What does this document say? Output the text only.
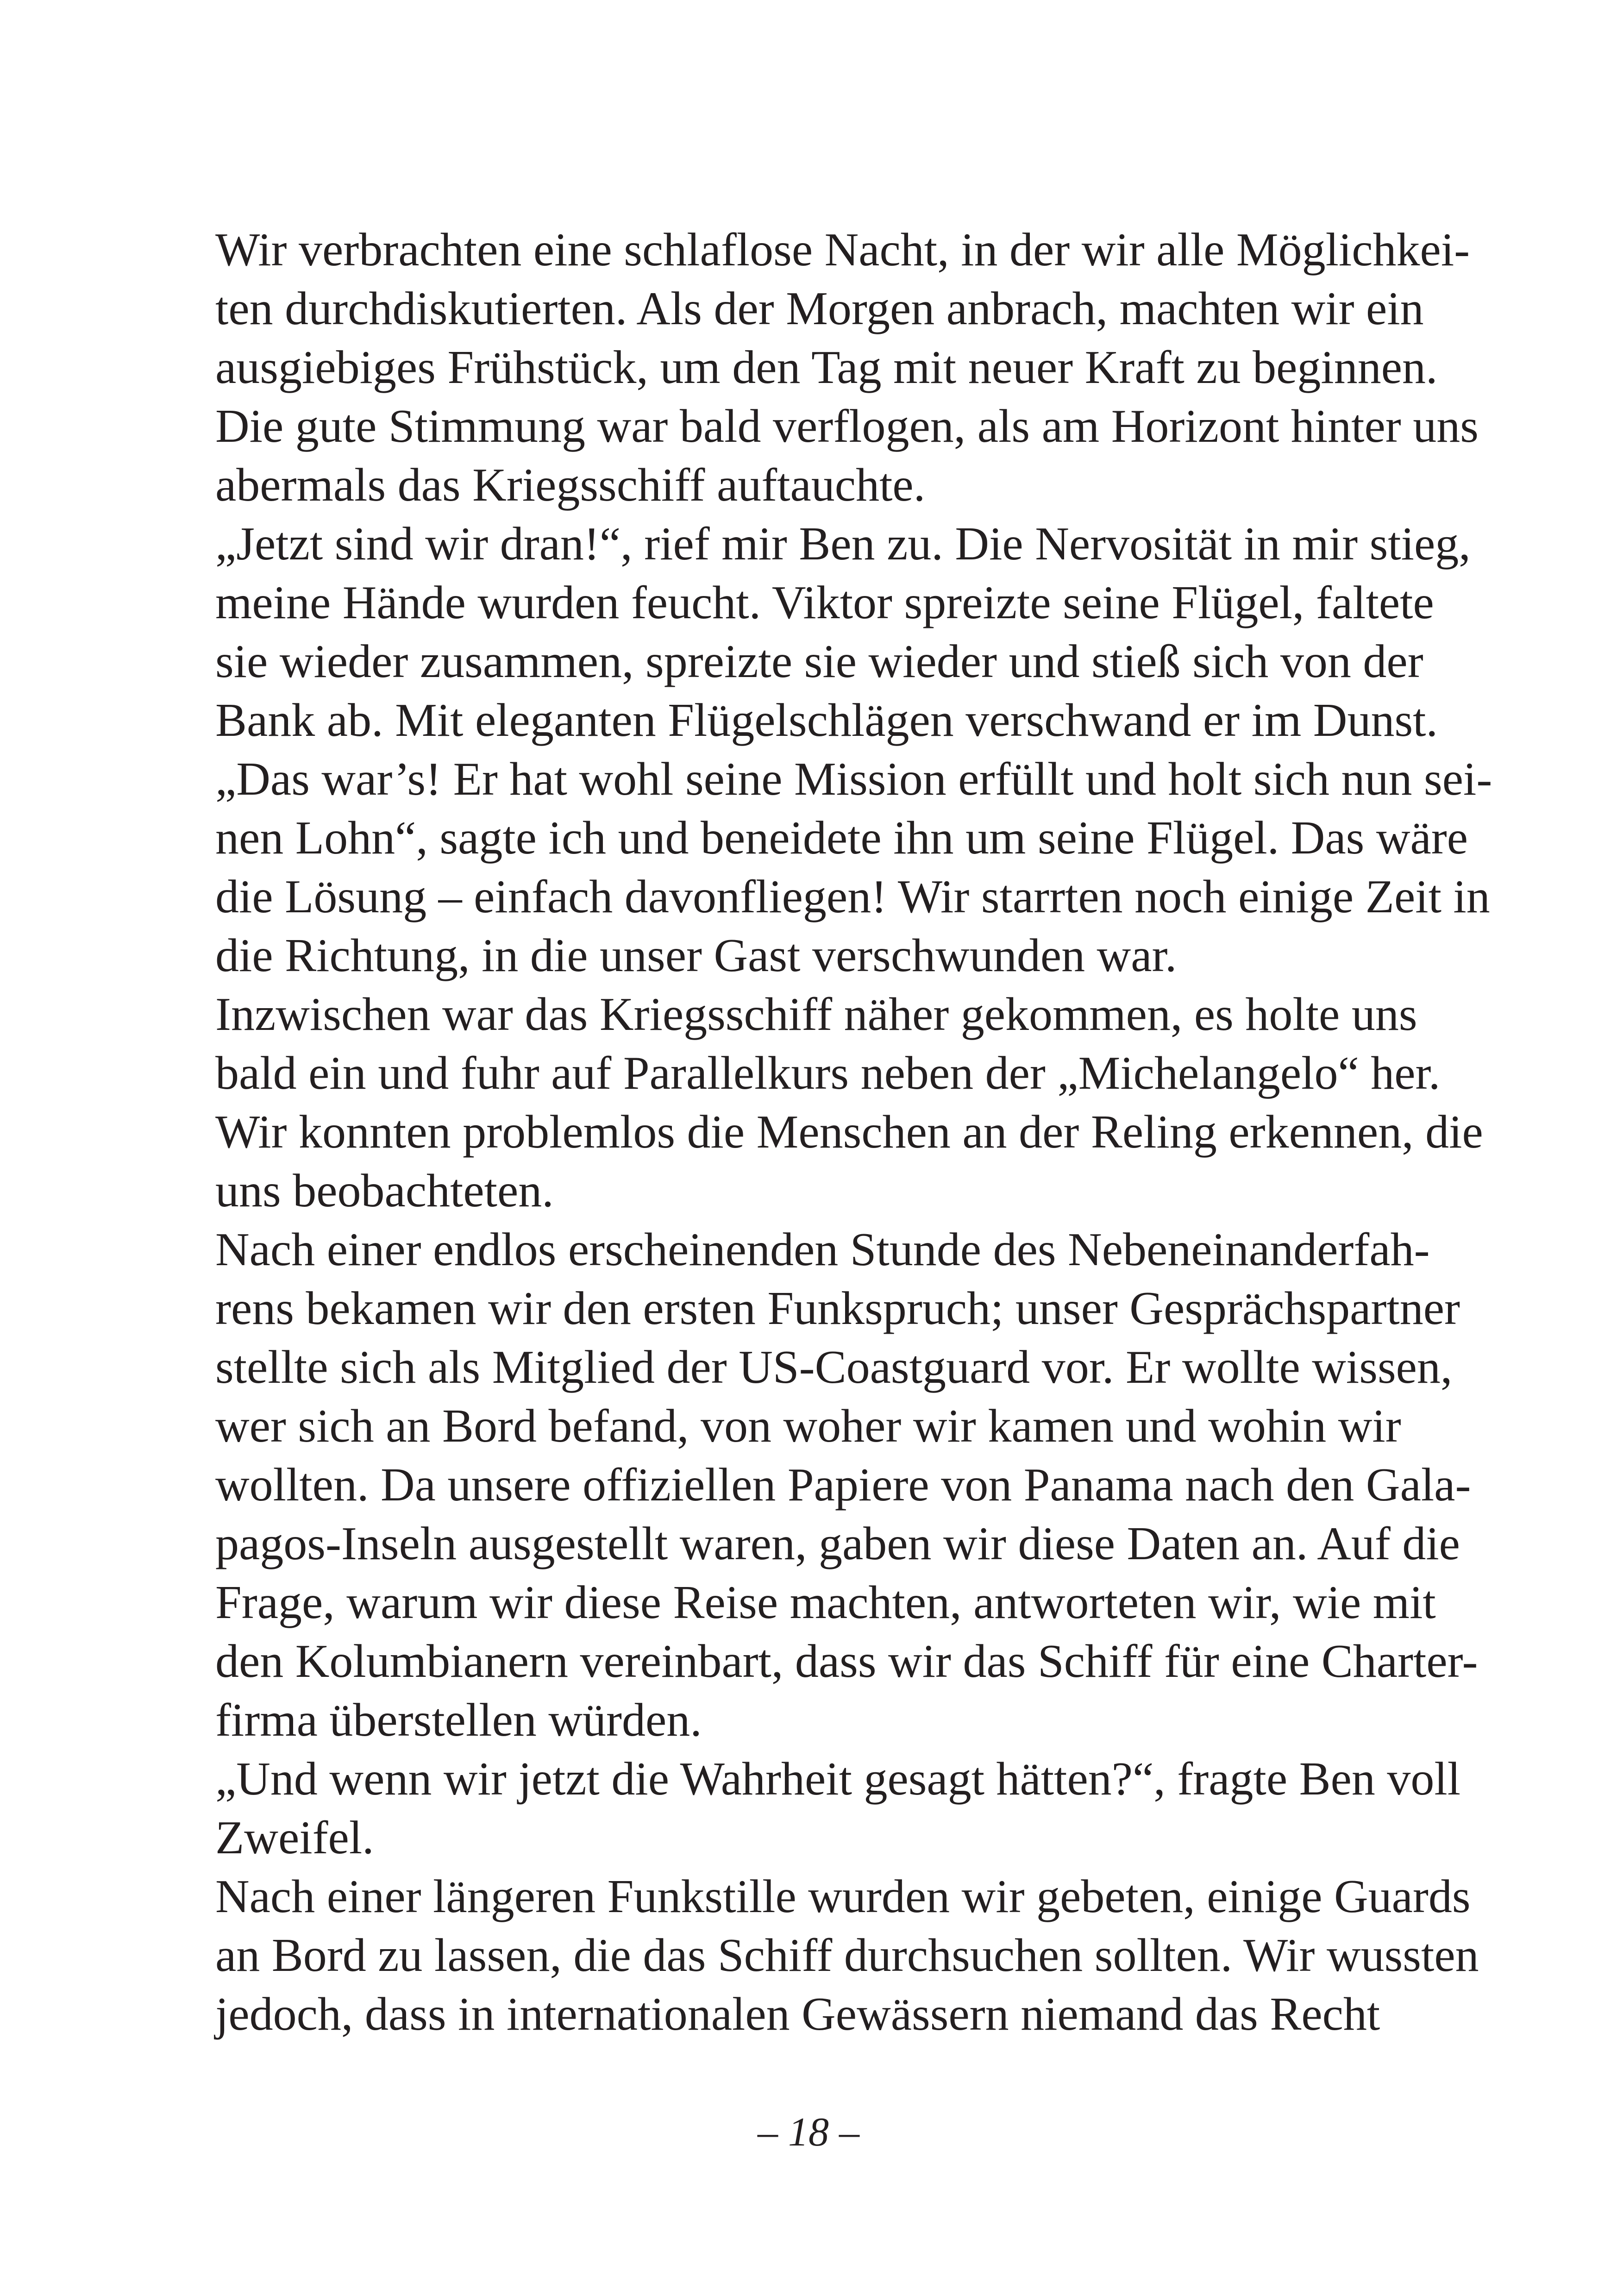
Wir verbrachten eine schlaflose Nacht, in der wir alle Möglichkei-
ten durchdiskutierten. Als der Morgen anbrach, machten wir ein
ausgiebiges Frühstück, um den Tag mit neuer Kraft zu beginnen.
Die gute Stimmung war bald verflogen, als am Horizont hinter uns
abermals das Kriegsschiff auftauchte.
„Jetzt sind wir dran!“, rief mir Ben zu. Die Nervosität in mir stieg,
meine Hände wurden feucht. Viktor spreizte seine Flügel, faltete
sie wieder zusammen, spreizte sie wieder und stieß sich von der
Bank ab. Mit eleganten Flügelschlägen verschwand er im Dunst.
„Das war’s! Er hat wohl seine Mission erfüllt und holt sich nun sei-
nen Lohn“, sagte ich und beneidete ihn um seine Flügel. Das wäre
die Lösung – einfach davonfliegen! Wir starrten noch einige Zeit in
die Richtung, in die unser Gast verschwunden war.
Inzwischen war das Kriegsschiff näher gekommen, es holte uns
bald ein und fuhr auf Parallelkurs neben der „Michelangelo“ her.
Wir konnten problemlos die Menschen an der Reling erkennen, die
uns beobachteten.
Nach einer endlos erscheinenden Stunde des Nebeneinanderfah-
rens bekamen wir den ersten Funkspruch; unser Gesprächspartner
stellte sich als Mitglied der US-Coastguard vor. Er wollte wissen,
wer sich an Bord befand, von woher wir kamen und wohin wir
wollten. Da unsere offiziellen Papiere von Panama nach den Gala-
pagos-Inseln ausgestellt waren, gaben wir diese Daten an. Auf die
Frage, warum wir diese Reise machten, antworteten wir, wie mit
den Kolumbianern vereinbart, dass wir das Schiff für eine Charter-
firma überstellen würden.
„Und wenn wir jetzt die Wahrheit gesagt hätten?“, fragte Ben voll
Zweifel.
Nach einer längeren Funkstille wurden wir gebeten, einige Guards
an Bord zu lassen, die das Schiff durchsuchen sollten. Wir wussten
jedoch, dass in internationalen Gewässern niemand das Recht
– 18 –
